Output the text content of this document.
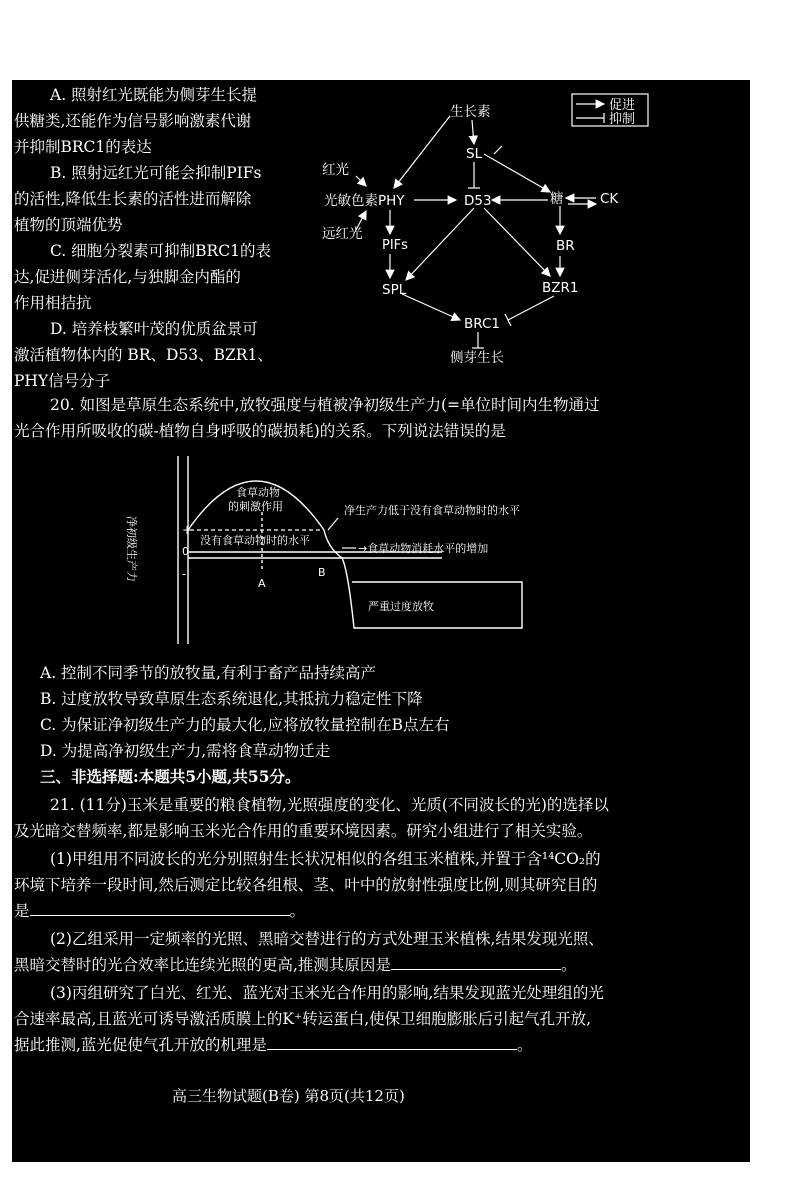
A. 照射红光既能为侧芽生长提
供糖类,还能作为信号影响激素代谢
并抑制BRC1的表达
B. 照射远红光可能会抑制PIFs
的活性,降低生长素的活性进而解除
植物的顶端优势
C. 细胞分裂素可抑制BRC1的表
达,促进侧芽活化,与独脚金内酯的
作用相拮抗
D. 培养枝繁叶茂的优质盆景可
激活植物体内的 BR、D53、BZR1、
PHY信号分子
促进
抑制
生长素
SL
红光
光敏色素PHY
远红光
D53	糖	CK
PIFs	BR
SPL	BZR1
BRC1
侧芽生长
20. 如图是草原生态系统中,放牧强度与植被净初级生产力(=单位时间内生物通过
光合作用所吸收的碳-植物自身呼吸的碳损耗)的关系。下列说法错误的是
净初级生产力	+
0
-
食草动物
的刺激作用
没有食草动物时的水平
净生产力低于没有食草动物时的水平
→食草动物消耗水平的增加
A
B
严重过度放牧
A. 控制不同季节的放牧量,有利于畜产品持续高产
B. 过度放牧导致草原生态系统退化,其抵抗力稳定性下降
C. 为保证净初级生产力的最大化,应将放牧量控制在B点左右
D. 为提高净初级生产力,需将食草动物迁走
三、非选择题:本题共5小题,共55分。
21. (11分)玉米是重要的粮食植物,光照强度的变化、光质(不同波长的光)的选择以
及光暗交替频率,都是影响玉米光合作用的重要环境因素。研究小组进行了相关实验。
(1)甲组用不同波长的光分别照射生长状况相似的各组玉米植株,并置于含¹⁴CO₂的
环境下培养一段时间,然后测定比较各组根、茎、叶中的放射性强度比例,则其研究目的
是	。
(2)乙组采用一定频率的光照、黑暗交替进行的方式处理玉米植株,结果发现光照、
黑暗交替时的光合效率比连续光照的更高,推测其原因是	。
(3)丙组研究了白光、红光、蓝光对玉米光合作用的影响,结果发现蓝光处理组的光
合速率最高,且蓝光可诱导激活质膜上的K⁺转运蛋白,使保卫细胞膨胀后引起气孔开放,
据此推测,蓝光促使气孔开放的机理是	。
高三生物试题(B卷) 第8页(共12页)
